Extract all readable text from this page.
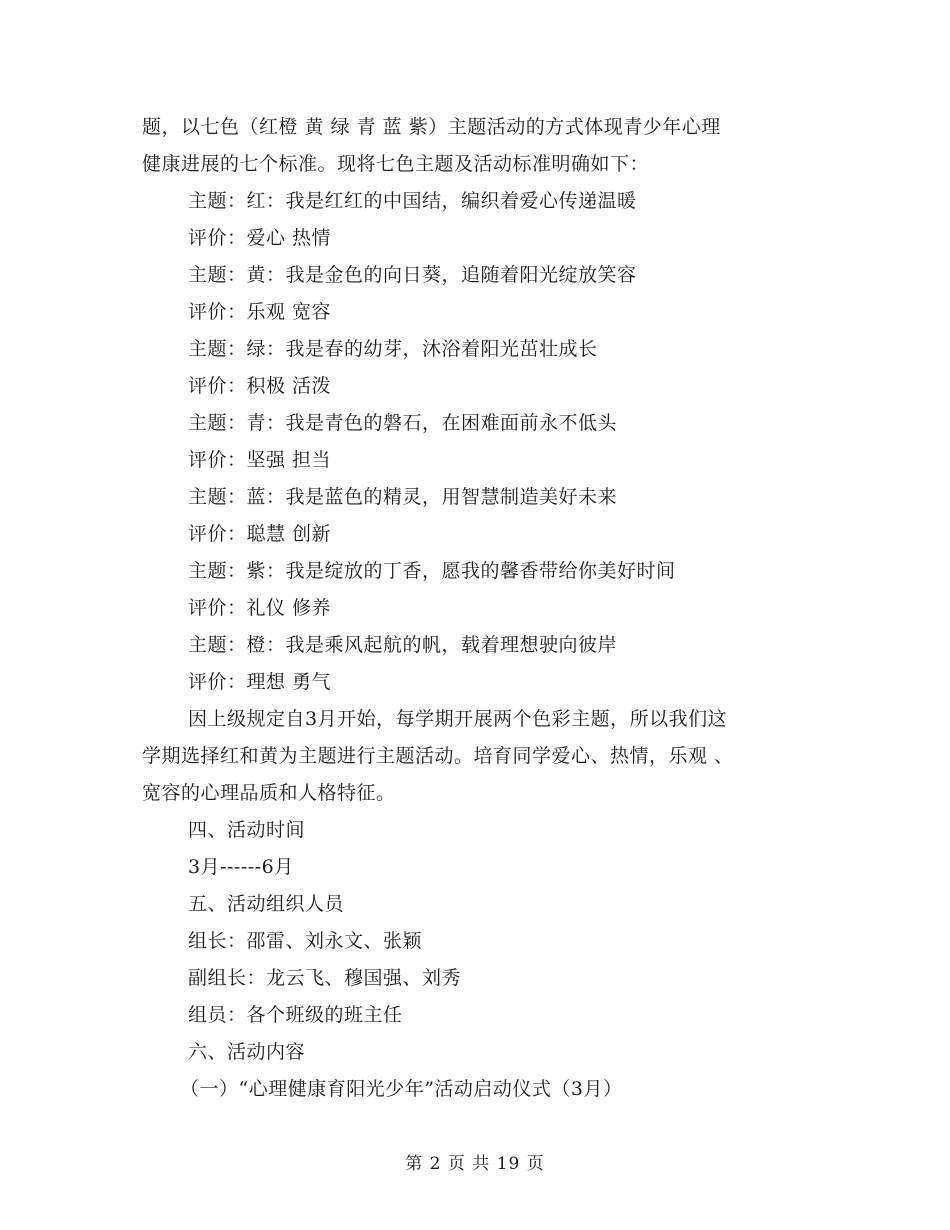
题，以七色（红橙 黄 绿 青 蓝 紫）主题活动的方式体现青少年心理
健康进展的七个标准。现将七色主题及活动标准明确如下：
主题：红：我是红红的中国结，编织着爱心传递温暖
评价：爱心 热情
主题：黄：我是金色的向日葵，追随着阳光绽放笑容
评价：乐观 宽容
主题：绿：我是春的幼芽，沐浴着阳光茁壮成长
评价：积极 活泼
主题：青：我是青色的磐石，在困难面前永不低头
评价：坚强 担当
主题：蓝：我是蓝色的精灵，用智慧制造美好未来
评价：聪慧 创新
主题：紫：我是绽放的丁香，愿我的馨香带给你美好时间
评价：礼仪 修养
主题：橙：我是乘风起航的帆，载着理想驶向彼岸
评价：理想 勇气
因上级规定自3月开始，每学期开展两个色彩主题，所以我们这
学期选择红和黄为主题进行主题活动。培育同学爱心、热情，乐观 、
宽容的心理品质和人格特征。
四、活动时间
3月------6月
五、活动组织人员
组长：邵雷、刘永文、张颖
副组长：龙云飞、穆国强、刘秀
组员：各个班级的班主任
六、活动内容
（一）“心理健康育阳光少年”活动启动仪式（3月）
第 2 页 共 19 页
